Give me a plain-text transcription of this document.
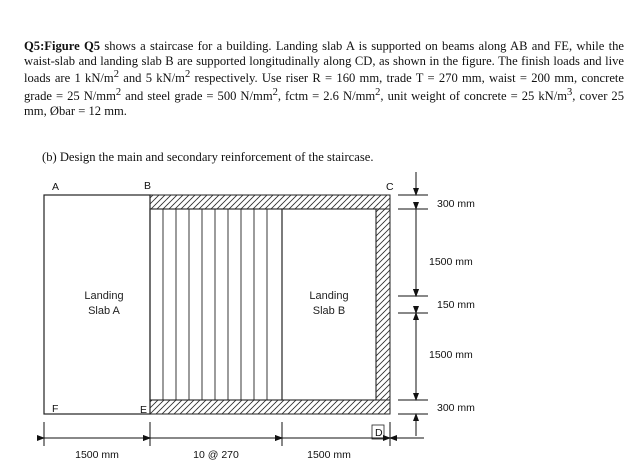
Q5:Figure Q5 shows a staircase for a building. Landing slab A is supported on beams along AB and FE, while the waist-slab and landing slab B are supported longitudinally along CD, as shown in the figure. The finish loads and live loads are 1 $kN/m^2$ and 5 $kN/m^2$ respectively. Use riser R = 160 mm, trade T = 270 mm, waist = 200 mm, concrete grade = 25 $N/mm^2$ and steel grade = 500 $N/mm^2$, fctm = 2.6 $N/mm^2$, unit weight of concrete = 25 $kN/m^3$, cover 25 mm, Øbar = 12 mm.
(b) Design the main and secondary reinforcement of the staircase.
A	B	C
F	E
D
Landing
Slab A
Landing
Slab B
300 mm
1500 mm
150 mm
1500 mm
300 mm
1500 mm	10 @ 270	1500 mm
